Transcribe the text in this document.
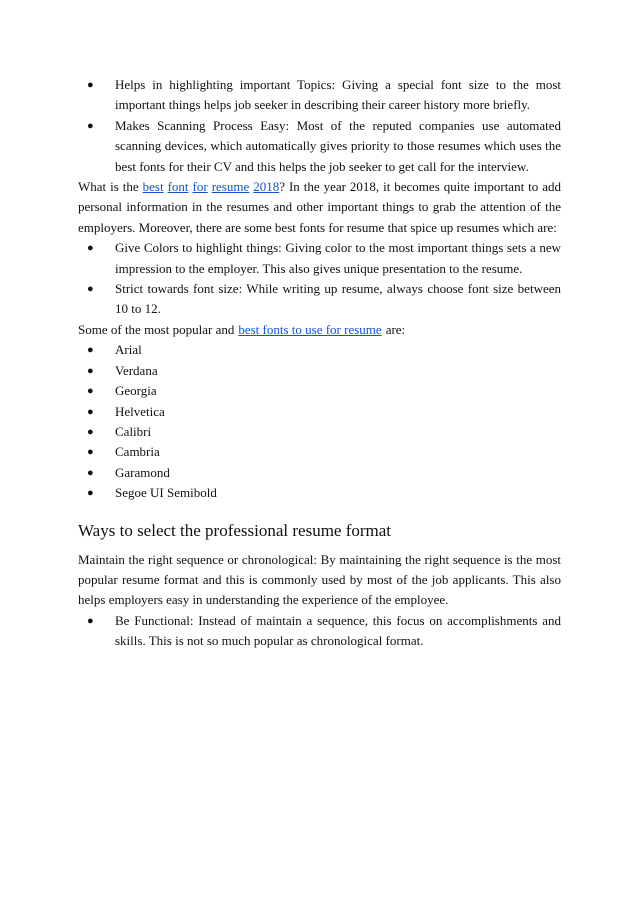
● Helps in highlighting important Topics: Giving a special font size to the most important things helps job seeker in describing their career history more briefly.
● Makes Scanning Process Easy: Most of the reputed companies use automated scanning devices, which automatically gives priority to those resumes which uses the best fonts for their CV and this helps the job seeker to get call for the interview.

What is the best font for resume 2018? In the year 2018, it becomes quite important to add personal information in the resumes and other important things to grab the attention of the employers. Moreover, there are some best fonts for resume that spice up resumes which are:

● Give Colors to highlight things: Giving color to the most important things sets a new impression to the employer. This also gives unique presentation to the resume.
● Strict towards font size: While writing up resume, always choose font size between 10 to 12.

Some of the most popular and best fonts to use for resume are:

● Arial
● Verdana
● Georgia
● Helvetica
● Calibri
● Cambria
● Garamond
● Segoe UI Semibold
Ways to select the professional resume format

Maintain the right sequence or chronological: By maintaining the right sequence is the most popular resume format and this is commonly used by most of the job applicants. This also helps employers easy in understanding the experience of the employee.

● Be Functional: Instead of maintain a sequence, this focus on accomplishments and skills. This is not so much popular as chronological format.
